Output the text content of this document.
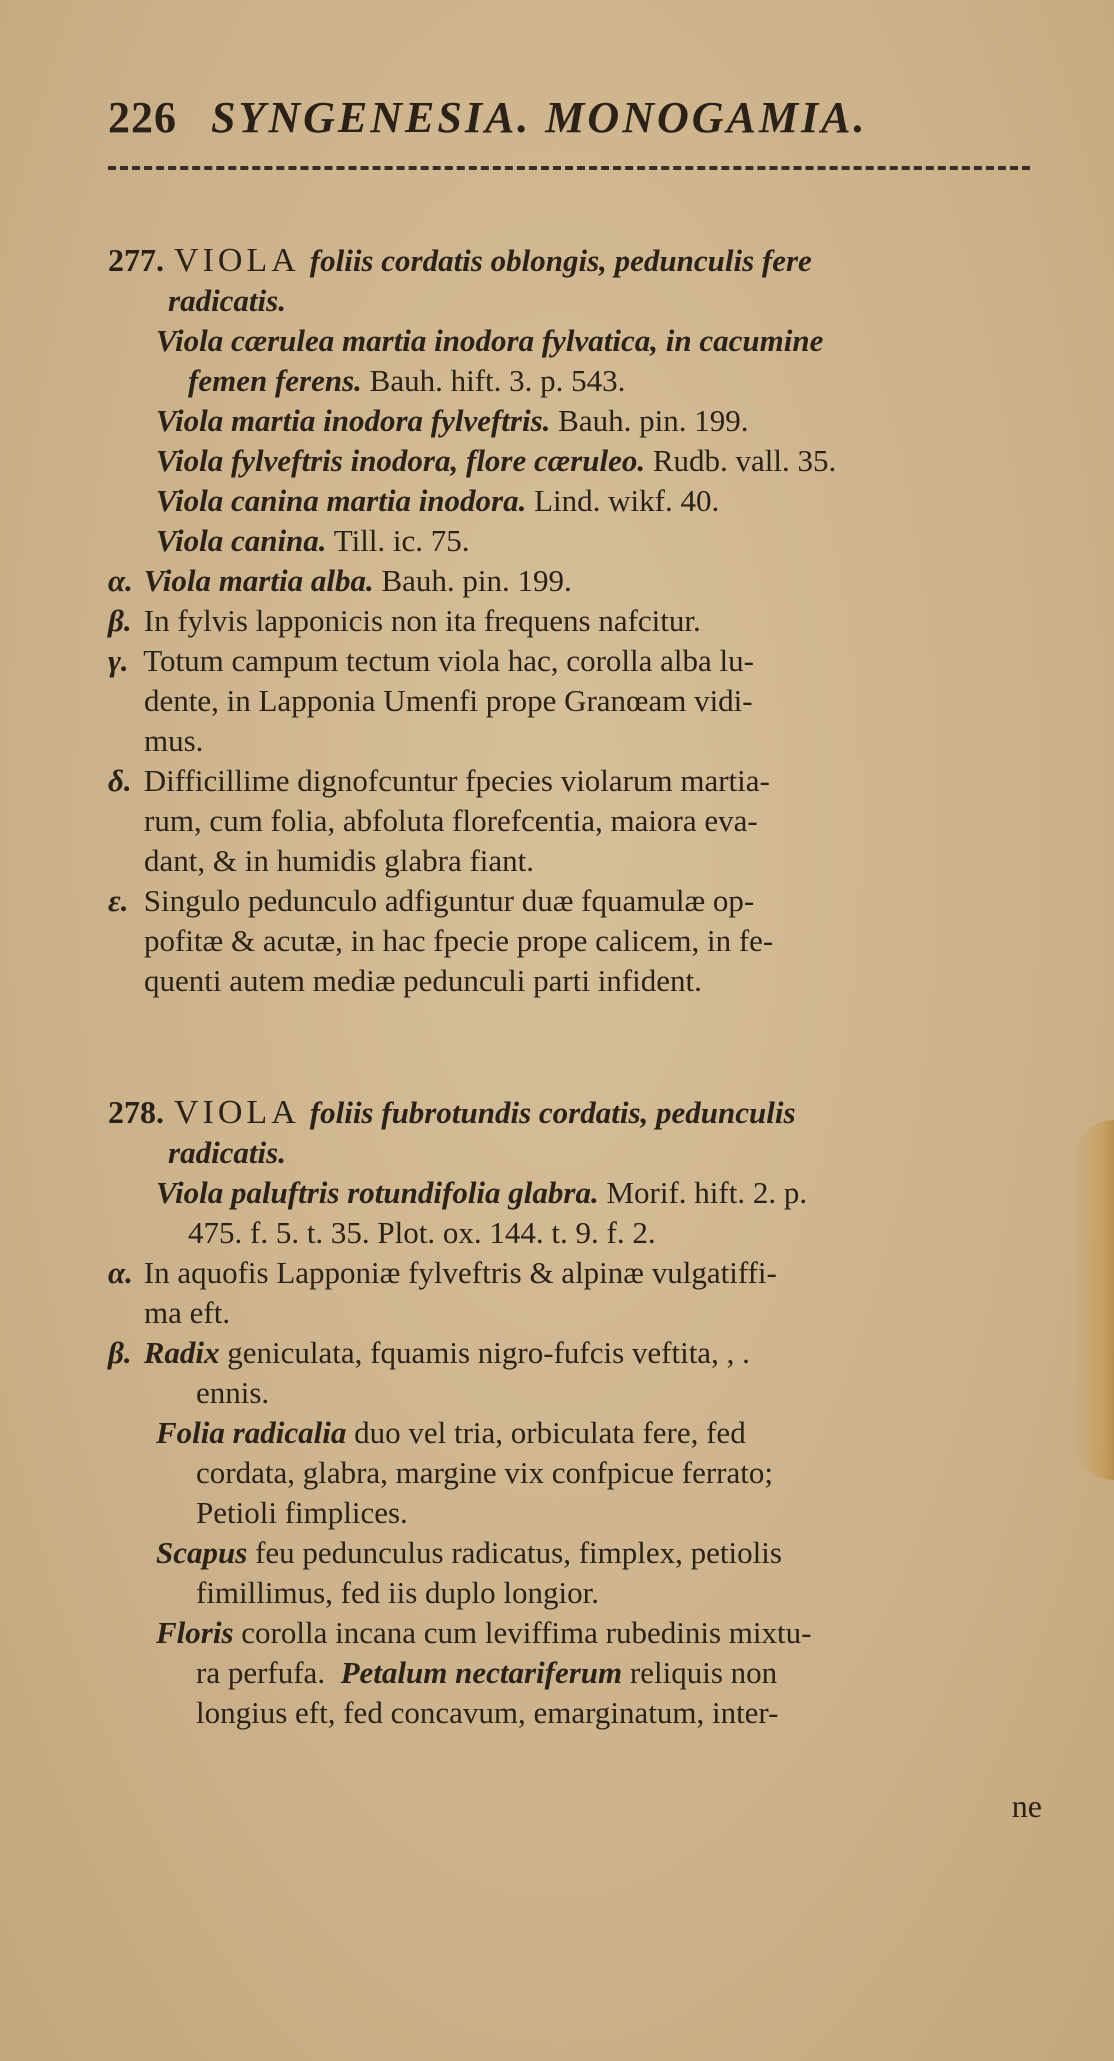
226 SYNGENESIA. MONOGAMIA.

277. VIOLA foliis cordatis oblongis, pedunculis fere

radicatis.

Viola cærulea martia inodora fylvatica, in cacumine

femen ferens. Bauh. hift. 3. p. 543.

Viola martia inodora fylveftris. Bauh. pin. 199.

Viola fylveftris inodora, flore cæruleo. Rudb. vall. 35.

Viola canina martia inodora. Lind. wikf. 40.

Viola canina. Till. ic. 75.

α. Viola martia alba. Bauh. pin. 199.

β. In fylvis lapponicis non ita frequens nafcitur.

γ. Totum campum tectum viola hac, corolla alba lu-

dente, in Lapponia Umenfi prope Granœam vidi-

mus.

δ. Difficillime dignofcuntur fpecies violarum martia-

rum, cum folia, abfoluta florefcentia, maiora eva-

dant, & in humidis glabra fiant.

ε. Singulo pedunculo adfiguntur duæ fquamulæ op-

pofitæ & acutæ, in hac fpecie prope calicem, in fe-

quenti autem mediæ pedunculi parti infident.

278. VIOLA foliis fubrotundis cordatis, pedunculis

radicatis.

Viola paluftris rotundifolia glabra. Morif. hift. 2. p.

475. f. 5. t. 35. Plot. ox. 144. t. 9. f. 2.

α. In aquofis Lapponiæ fylveftris & alpinæ vulgatiffi-

ma eft.

β. Radix geniculata, fquamis nigro-fufcis veftita, , .

ennis.

Folia radicalia duo vel tria, orbiculata fere, fed

cordata, glabra, margine vix confpicue ferrato;

Petioli fimplices.

Scapus feu pedunculus radicatus, fimplex, petiolis

fimillimus, fed iis duplo longior.

Floris corolla incana cum leviffima rubedinis mixtu-

ra perfufa. Petalum nectariferum reliquis non

longius eft, fed concavum, emarginatum, inter-

ne
